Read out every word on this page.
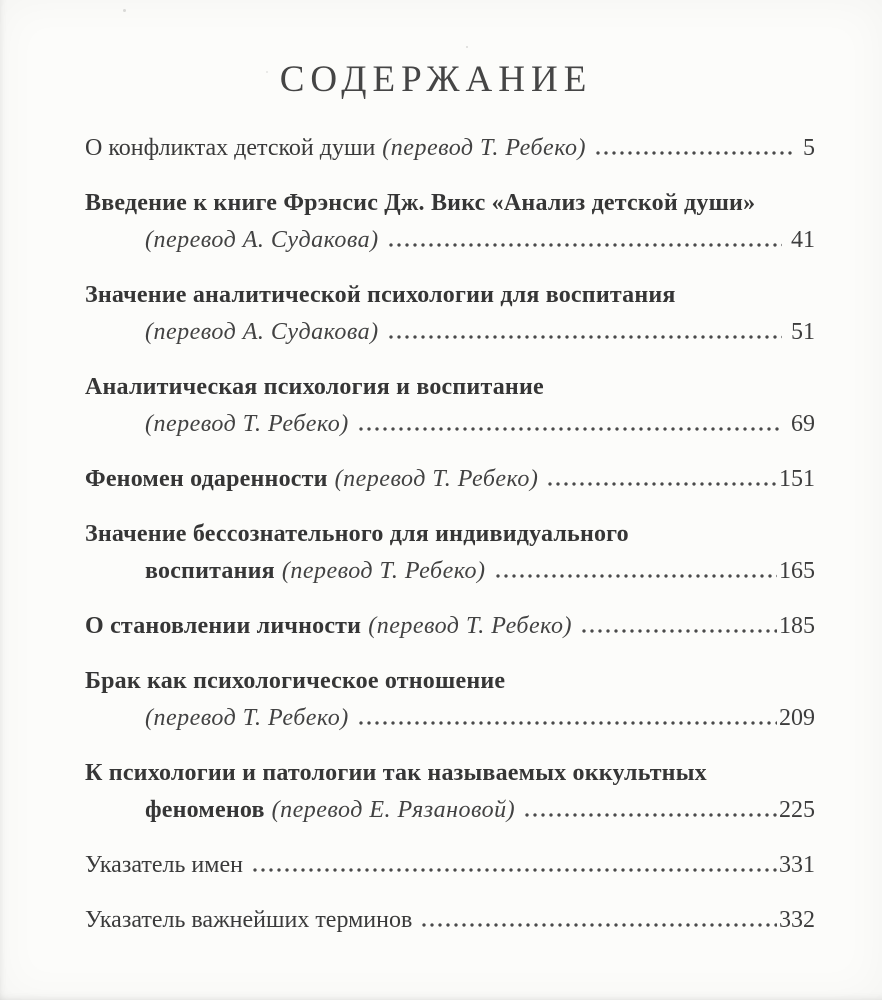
СОДЕРЖАНИЕ
О конфликтах детской души (перевод Т. Ребеко)	5
Введение к книге Фрэнсис Дж. Викс «Анализ детской души»
(перевод А. Судакова)	41
Значение аналитической психологии для воспитания
(перевод А. Судакова)	51
Аналитическая психология и воспитание
(перевод Т. Ребеко)	69
Феномен одаренности (перевод Т. Ребеко)	151
Значение бессознательного для индивидуального
воспитания (перевод Т. Ребеко)	165
О становлении личности (перевод Т. Ребеко)	185
Брак как психологическое отношение
(перевод Т. Ребеко)	209
К психологии и патологии так называемых оккультных
феноменов (перевод Е. Рязановой)	225
Указатель имен	331
Указатель важнейших терминов	332
